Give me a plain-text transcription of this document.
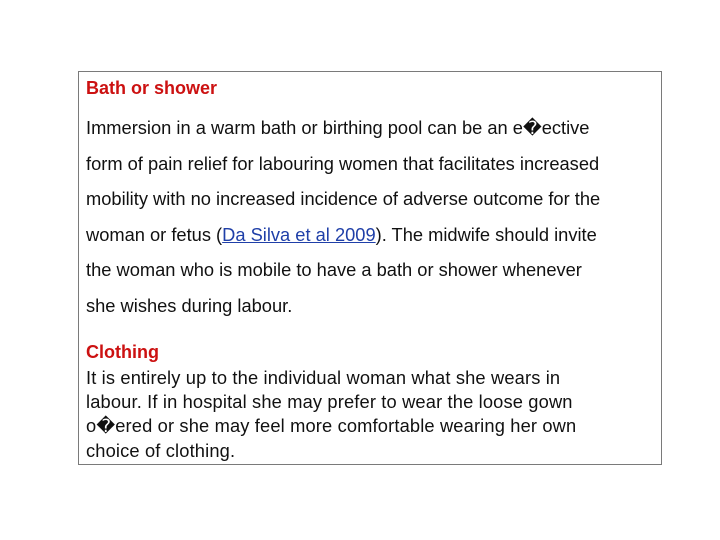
Bath or shower

Immersion in a warm bath or birthing pool can be an e�ective
form of pain relief for labouring women that facilitates increased
mobility with no increased incidence of adverse outcome for the
woman or fetus (Da Silva et al 2009). The midwife should invite
the woman who is mobile to have a bath or shower whenever
she wishes during labour.

Clothing

It is entirely up to the individual woman what she wears in
labour. If in hospital she may prefer to wear the loose gown
o�ered or she may feel more comfortable wearing her own
choice of clothing.
